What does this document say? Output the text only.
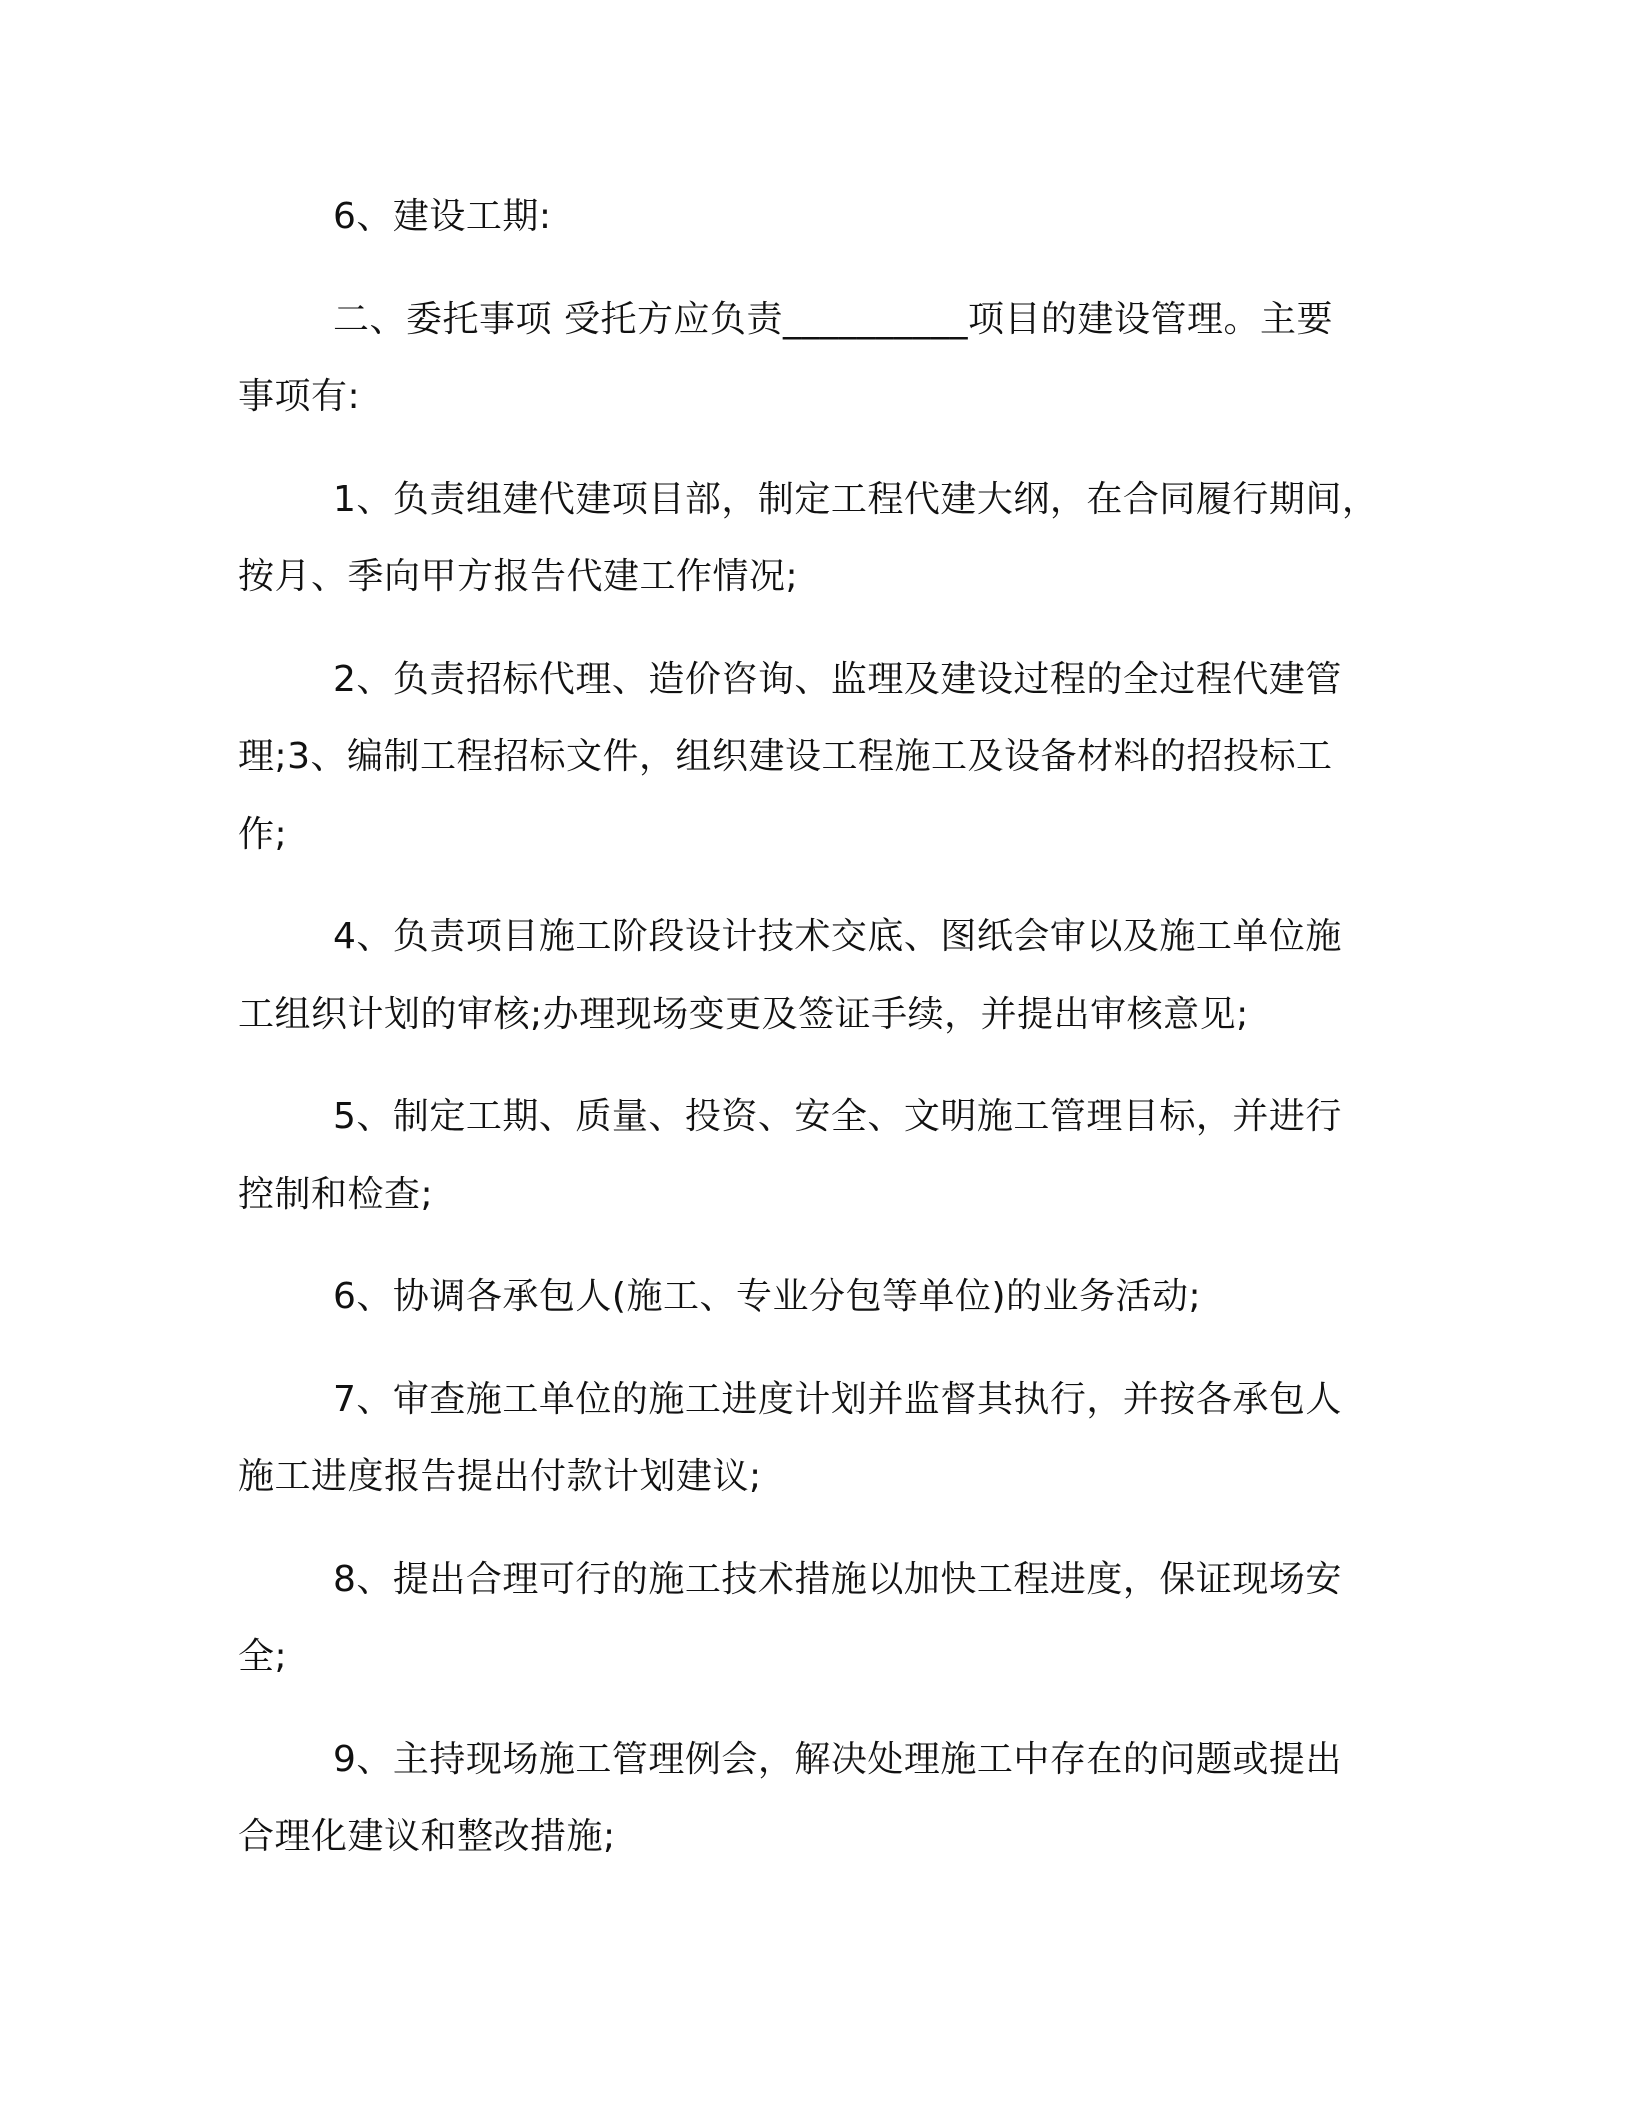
6、建设工期:
二、委托事项 受托方应负责__________项目的建设管理。主要
事项有:
1、负责组建代建项目部，制定工程代建大纲，在合同履行期间，
按月、季向甲方报告代建工作情况;
2、负责招标代理、造价咨询、监理及建设过程的全过程代建管
理;3、编制工程招标文件，组织建设工程施工及设备材料的招投标工
作;
4、负责项目施工阶段设计技术交底、图纸会审以及施工单位施
工组织计划的审核;办理现场变更及签证手续，并提出审核意见;
5、制定工期、质量、投资、安全、文明施工管理目标，并进行
控制和检查;
6、协调各承包人(施工、专业分包等单位)的业务活动;
7、审查施工单位的施工进度计划并监督其执行，并按各承包人
施工进度报告提出付款计划建议;
8、提出合理可行的施工技术措施以加快工程进度，保证现场安
全;
9、主持现场施工管理例会，解决处理施工中存在的问题或提出
合理化建议和整改措施;
